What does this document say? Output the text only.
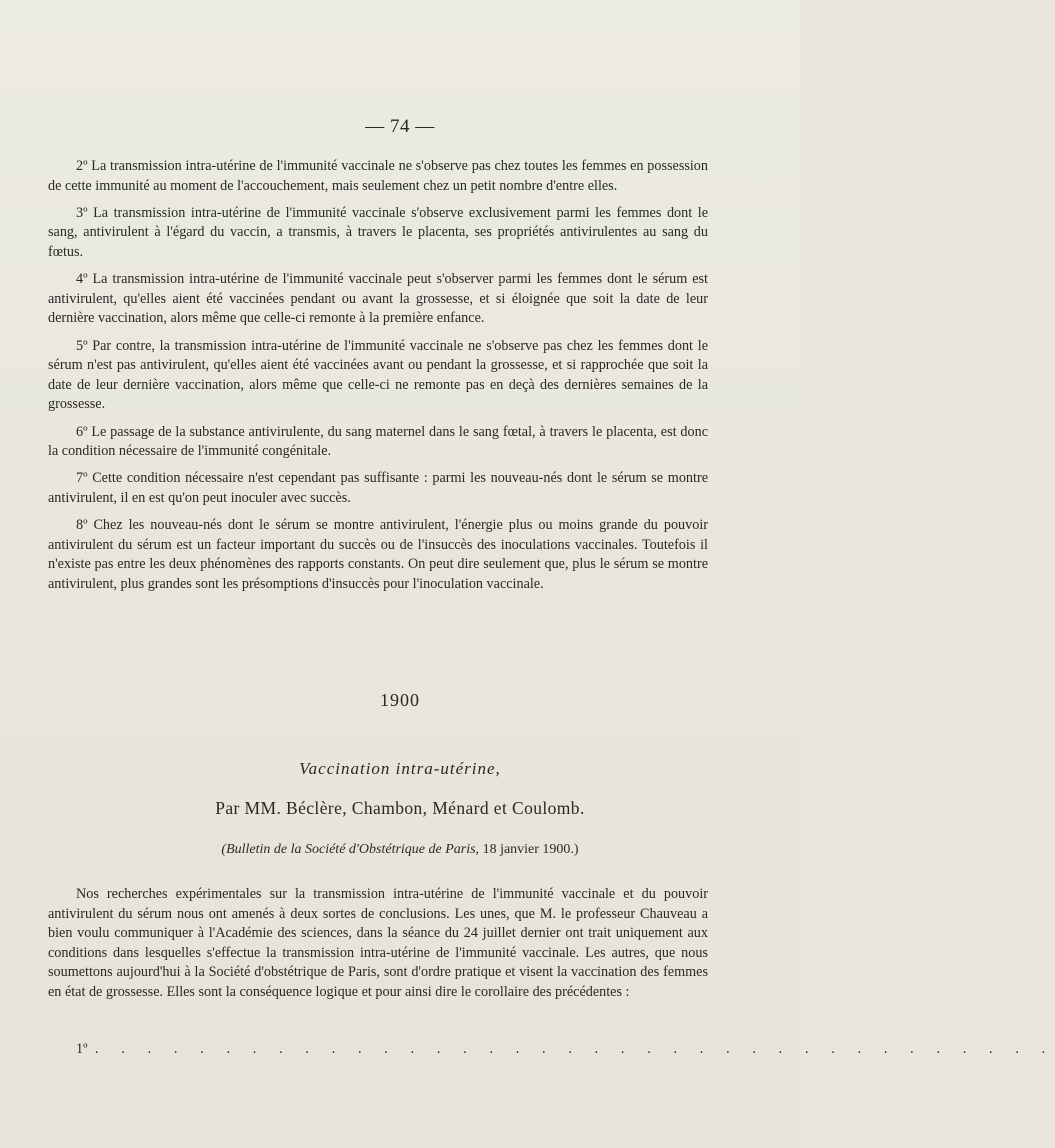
— 74 —

2º La transmission intra-utérine de l'immunité vaccinale ne s'observe pas chez toutes les femmes en possession de cette immunité au moment de l'accouchement, mais seulement chez un petit nombre d'entre elles.

3º La transmission intra-utérine de l'immunité vaccinale s'observe exclusivement parmi les femmes dont le sang, antivirulent à l'égard du vaccin, a transmis, à travers le placenta, ses propriétés antivirulentes au sang du fœtus.

4º La transmission intra-utérine de l'immunité vaccinale peut s'observer parmi les femmes dont le sérum est antivirulent, qu'elles aient été vaccinées pendant ou avant la grossesse, et si éloignée que soit la date de leur dernière vaccination, alors même que celle-ci remonte à la première enfance.

5º Par contre, la transmission intra-utérine de l'immunité vaccinale ne s'observe pas chez les femmes dont le sérum n'est pas antivirulent, qu'elles aient été vaccinées avant ou pendant la grossesse, et si rapprochée que soit la date de leur dernière vaccination, alors même que celle-ci ne remonte pas en deçà des dernières semaines de la grossesse.

6º Le passage de la substance antivirulente, du sang maternel dans le sang fœtal, à travers le placenta, est donc la condition nécessaire de l'immunité congénitale.

7º Cette condition nécessaire n'est cependant pas suffisante : parmi les nouveau-nés dont le sérum se montre antivirulent, il en est qu'on peut inoculer avec succès.

8º Chez les nouveau-nés dont le sérum se montre antivirulent, l'énergie plus ou moins grande du pouvoir antivirulent du sérum est un facteur important du succès ou de l'insuccès des inoculations vaccinales. Toutefois il n'existe pas entre les deux phénomènes des rapports constants. On peut dire seulement que, plus le sérum se montre antivirulent, plus grandes sont les présomptions d'insuccès pour l'inoculation vaccinale.

1900
Vaccination intra-utérine,
Par MM. Béclère, Chambon, Ménard et Coulomb.
(Bulletin de la Société d'Obstétrique de Paris, 18 janvier 1900.)

Nos recherches expérimentales sur la transmission intra-utérine de l'immunité vaccinale et du pouvoir antivirulent du sérum nous ont amenés à deux sortes de conclusions. Les unes, que M. le professeur Chauveau a bien voulu communiquer à l'Académie des sciences, dans la séance du 24 juillet dernier ont trait uniquement aux conditions dans lesquelles s'effectue la transmission intra-utérine de l'immunité vaccinale. Les autres, que nous soumettons aujourd'hui à la Société d'obstétrique de Paris, sont d'ordre pratique et visent la vaccination des femmes en état de grossesse. Elles sont la conséquence logique et pour ainsi dire le corollaire des précédentes :

1º . . . . . . . . . . . . . . . . . . . . . . . . . . . . . . . . . . . . .
